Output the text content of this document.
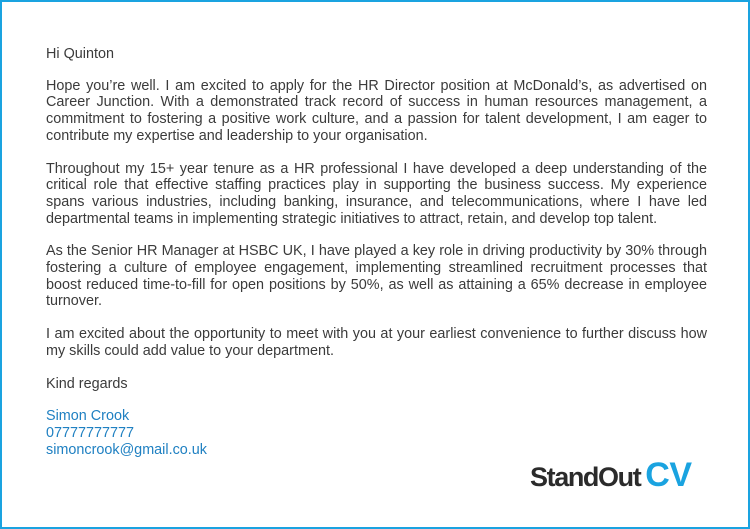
Hi Quinton

Hope you’re well. I am excited to apply for the HR Director position at McDonald’s, as advertised on Career Junction. With a demonstrated track record of success in human resources management, a commitment to fostering a positive work culture, and a passion for talent development, I am eager to contribute my expertise and leadership to your organisation.

Throughout my 15+ year tenure as a HR professional I have developed a deep understanding of the critical role that effective staffing practices play in supporting the business success. My experience spans various industries, including banking, insurance, and telecommunications, where I have led departmental teams in implementing strategic initiatives to attract, retain, and develop top talent.

As the Senior HR Manager at HSBC UK, I have played a key role in driving productivity by 30% through fostering a culture of employee engagement, implementing streamlined recruitment processes that boost reduced time-to-fill for open positions by 50%, as well as attaining a 65% decrease in employee turnover.

I am excited about the opportunity to meet with you at your earliest convenience to further discuss how my skills could add value to your department.

Kind regards

Simon Crook
07777777777
simoncrook@gmail.co.uk
StandOut CV
